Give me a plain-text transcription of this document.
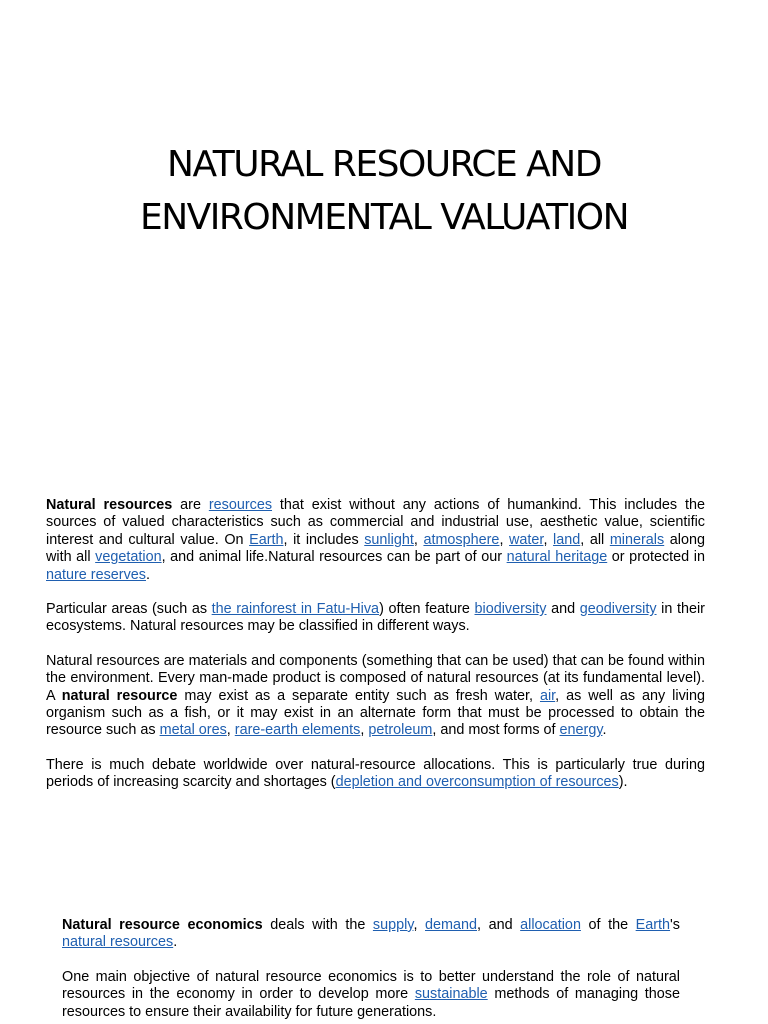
NATURAL RESOURCE AND
ENVIRONMENTAL VALUATION

Natural resources are resources that exist without any actions of humankind. This includes the sources of valued characteristics such as commercial and industrial use, aesthetic value, scientific interest and cultural value. On Earth, it includes sunlight, atmosphere, water, land, all minerals along with all vegetation, and animal life.Natural resources can be part of our natural heritage or protected in nature reserves.

Particular areas (such as the rainforest in Fatu-Hiva) often feature biodiversity and geodiversity in their ecosystems. Natural resources may be classified in different ways.

Natural resources are materials and components (something that can be used) that can be found within the environment. Every man-made product is composed of natural resources (at its fundamental level). A natural resource may exist as a separate entity such as fresh water, air, as well as any living organism such as a fish, or it may exist in an alternate form that must be processed to obtain the resource such as metal ores, rare-earth elements, petroleum, and most forms of energy.

There is much debate worldwide over natural-resource allocations. This is particularly true during periods of increasing scarcity and shortages (depletion and overconsumption of resources).

Natural resource economics deals with the supply, demand, and allocation of the Earth's natural resources.

One main objective of natural resource economics is to better understand the role of natural resources in the economy in order to develop more sustainable methods of managing those resources to ensure their availability for future generations.
